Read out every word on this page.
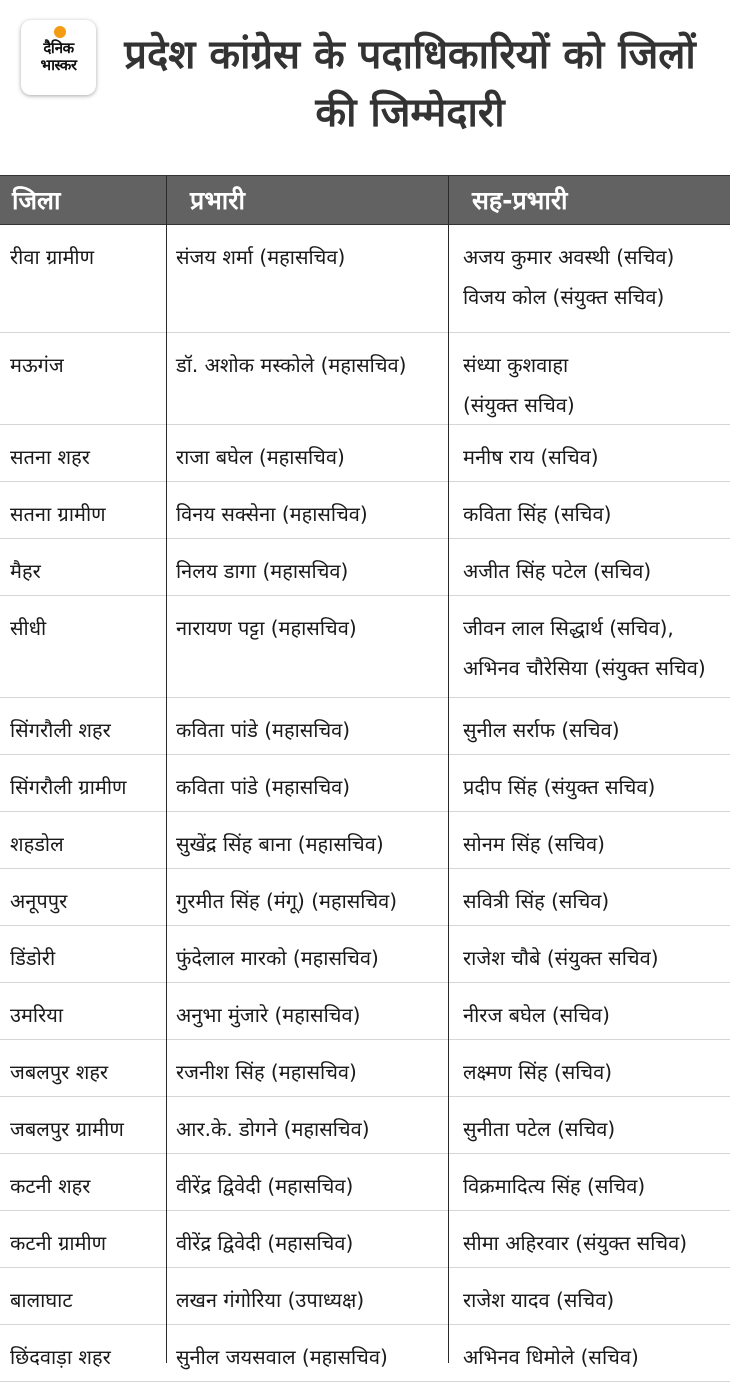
दैनिक भास्कर	प्रदेश कांग्रेस के पदाधिकारियों को जिलों की जिम्मेदारी
जिला	प्रभारी	सह-प्रभारी
रीवा ग्रामीण	संजय शर्मा (महासचिव)	अजय कुमार अवस्थी (सचिव)
विजय कोल (संयुक्त सचिव)
मऊगंज	डॉ. अशोक मस्कोले (महासचिव)	संध्या कुशवाहा
(संयुक्त सचिव)
सतना शहर	राजा बघेल (महासचिव)	मनीष राय (सचिव)
सतना ग्रामीण	विनय सक्सेना (महासचिव)	कविता सिंह (सचिव)
मैहर	निलय डागा (महासचिव)	अजीत सिंह पटेल (सचिव)
सीधी	नारायण पट्टा (महासचिव)	जीवन लाल सिद्धार्थ (सचिव),
अभिनव चौरेसिया (संयुक्त सचिव)
सिंगरौली शहर	कविता पांडे (महासचिव)	सुनील सर्राफ (सचिव)
सिंगरौली ग्रामीण	कविता पांडे (महासचिव)	प्रदीप सिंह (संयुक्त सचिव)
शहडोल	सुखेंद्र सिंह बाना (महासचिव)	सोनम सिंह (सचिव)
अनूपपुर	गुरमीत सिंह (मंगू) (महासचिव)	सवित्री सिंह (सचिव)
डिंडोरी	फुंदेलाल मारको (महासचिव)	राजेश चौबे (संयुक्त सचिव)
उमरिया	अनुभा मुंजारे (महासचिव)	नीरज बघेल (सचिव)
जबलपुर शहर	रजनीश सिंह (महासचिव)	लक्ष्मण सिंह (सचिव)
जबलपुर ग्रामीण	आर.के. डोगने (महासचिव)	सुनीता पटेल (सचिव)
कटनी शहर	वीरेंद्र द्विवेदी (महासचिव)	विक्रमादित्य सिंह (सचिव)
कटनी ग्रामीण	वीरेंद्र द्विवेदी (महासचिव)	सीमा अहिरवार (संयुक्त सचिव)
बालाघाट	लखन गंगोरिया (उपाध्यक्ष)	राजेश यादव (सचिव)
छिंदवाड़ा शहर	सुनील जयसवाल (महासचिव)	अभिनव धिमोले (सचिव)
